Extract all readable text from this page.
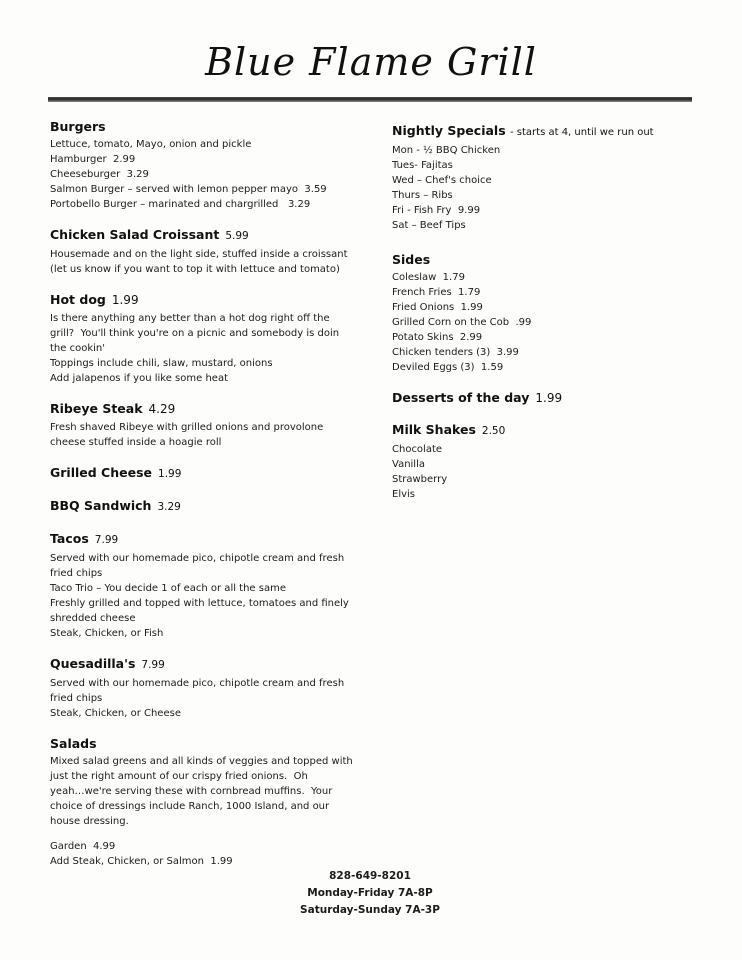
Blue Flame Grill
Burgers
Lettuce, tomato, Mayo, onion and pickle
Hamburger  2.99
Cheeseburger  3.29
Salmon Burger – served with lemon pepper mayo  3.59
Portobello Burger – marinated and chargrilled   3.29
Chicken Salad Croissant 5.99
Housemade and on the light side, stuffed inside a croissant
(let us know if you want to top it with lettuce and tomato)
Hot dog 1.99
Is there anything any better than a hot dog right off the
grill?  You'll think you're on a picnic and somebody is doin
the cookin'
Toppings include chili, slaw, mustard, onions
Add jalapenos if you like some heat
Ribeye Steak 4.29
Fresh shaved Ribeye with grilled onions and provolone
cheese stuffed inside a hoagie roll
Grilled Cheese 1.99
BBQ Sandwich 3.29
Tacos 7.99
Served with our homemade pico, chipotle cream and fresh
fried chips
Taco Trio – You decide 1 of each or all the same
Freshly grilled and topped with lettuce, tomatoes and finely
shredded cheese
Steak, Chicken, or Fish
Quesadilla's 7.99
Served with our homemade pico, chipotle cream and fresh
fried chips
Steak, Chicken, or Cheese
Salads
Mixed salad greens and all kinds of veggies and topped with
just the right amount of our crispy fried onions.  Oh
yeah…we're serving these with cornbread muffins.  Your
choice of dressings include Ranch, 1000 Island, and our
house dressing.
Garden  4.99
Add Steak, Chicken, or Salmon  1.99
Nightly Specials - starts at 4, until we run out
Mon - ½ BBQ Chicken
Tues- Fajitas
Wed – Chef's choice
Thurs – Ribs
Fri - Fish Fry  9.99
Sat – Beef Tips
Sides
Coleslaw  1.79
French Fries  1.79
Fried Onions  1.99
Grilled Corn on the Cob  .99
Potato Skins  2.99
Chicken tenders (3)  3.99
Deviled Eggs (3)  1.59
Desserts of the day 1.99
Milk Shakes 2.50
Chocolate
Vanilla
Strawberry
Elvis
828-649-8201
Monday-Friday 7A-8P
Saturday-Sunday 7A-3P
